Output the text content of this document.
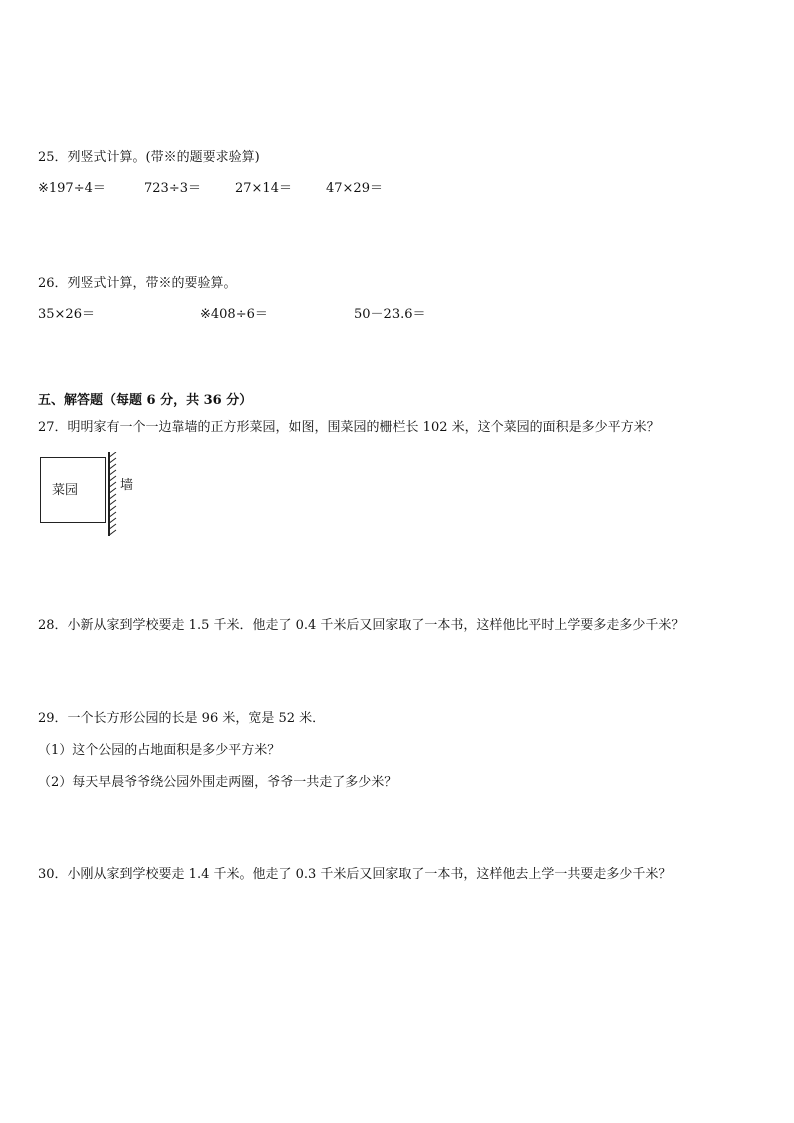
25．列竖式计算。(带※的题要求验算)
※197÷4＝	723÷3＝	27×14＝	47×29＝
26．列竖式计算，带※的要验算。
35×26＝	※408÷6＝	50－23.6＝
五、解答题（每题 6 分，共 36 分）
27．明明家有一个一边靠墙的正方形菜园，如图，围菜园的栅栏长 102 米，这个菜园的面积是多少平方米？
菜园	墙
28．小新从家到学校要走 1.5 千米．他走了 0.4 千米后又回家取了一本书，这样他比平时上学要多走多少千米？
29．一个长方形公园的长是 96 米，宽是 52 米．
（1）这个公园的占地面积是多少平方米？
（2）每天早晨爷爷绕公园外围走两圈，爷爷一共走了多少米？
30．小刚从家到学校要走 1.4 千米。他走了 0.3 千米后又回家取了一本书，这样他去上学一共要走多少千米？
